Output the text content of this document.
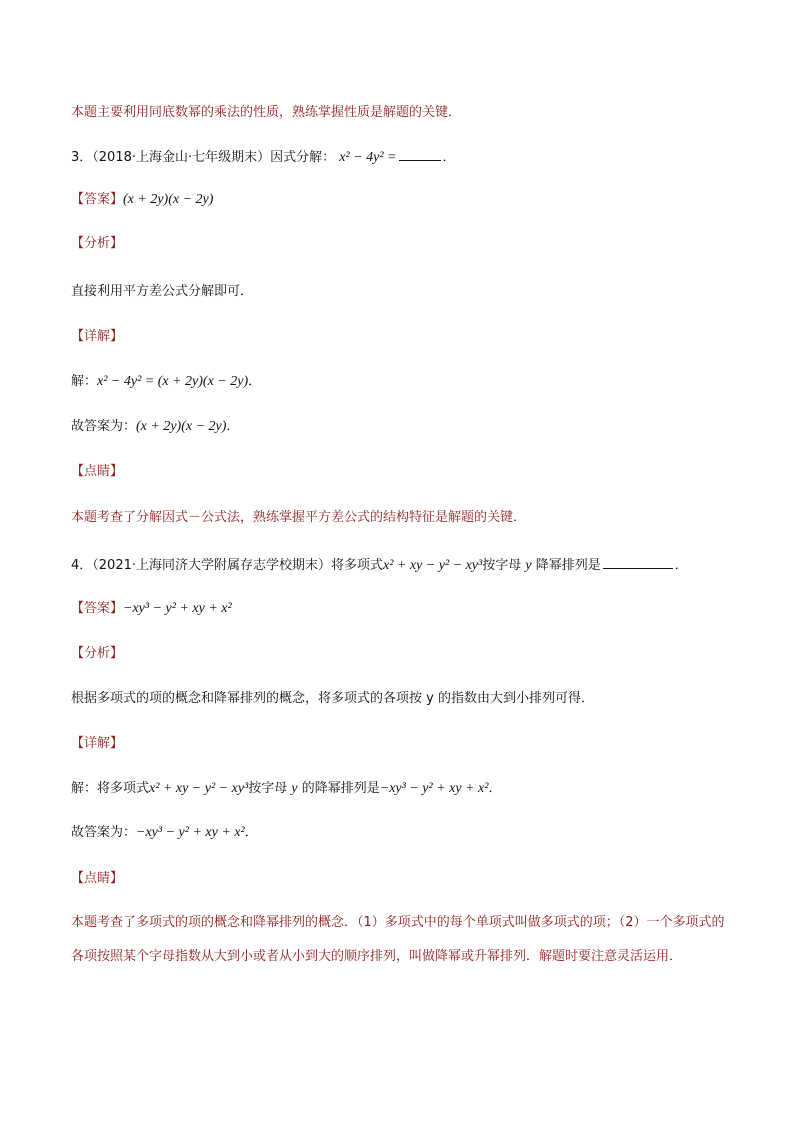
本题主要利用同底数幂的乘法的性质，熟练掌握性质是解题的关键．
3．（2018·上海金山·七年级期末）因式分解： x² − 4y² =	．
【答案】(x + 2y)(x − 2y)
【分析】
直接利用平方差公式分解即可．
【详解】
解：x² − 4y² = (x + 2y)(x − 2y)．
故答案为：(x + 2y)(x − 2y)．
【点睛】
本题考查了分解因式－公式法，熟练掌握平方差公式的结构特征是解题的关键．
4．（2021·上海同济大学附属存志学校期末）将多项式x² + xy − y² − xy³按字母 y 降幂排列是	．
【答案】−xy³ − y² + xy + x²
【分析】
根据多项式的项的概念和降幂排列的概念，将多项式的各项按 y 的指数由大到小排列可得．
【详解】
解：将多项式x² + xy − y² − xy³按字母 y 的降幂排列是−xy³ − y² + xy + x²．
故答案为：−xy³ − y² + xy + x²．
【点睛】
本题考查了多项式的项的概念和降幂排列的概念．（1）多项式中的每个单项式叫做多项式的项；（2）一个多项式的各项按照某个字母指数从大到小或者从小到大的顺序排列，叫做降幂或升幂排列．解题时要注意灵活运用．
